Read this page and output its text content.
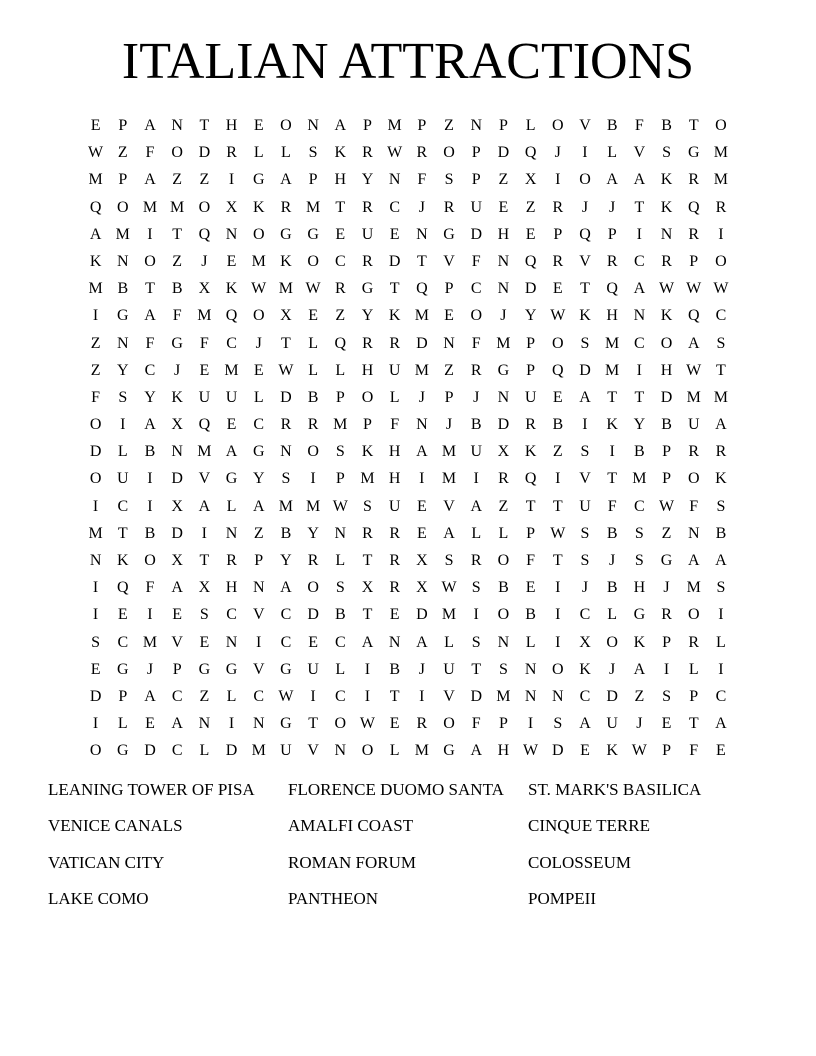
ITALIAN ATTRACTIONS
E	P	A N	T	H	E	O N A	P M P	Z	N	P	L	O V	B	F	B	T	O
W Z	F	O D	R	L	L	S	K	R W R	O	P	D Q	J	I	L	V	S	G M
M P	A	Z	Z	I	G A	P	H Y N	F	S	P	Z	X	I	O A A K	R M
Q O M M O X K	R M T	R	C	J	R	U	E	Z	R	J	J	T	K Q	R
A M	I	T	Q N O G G	E	U	E	N G D H	E	P	Q	P	I	N	R	I
K N O	Z	J	E M K O	C	R	D	T	V	F	N Q	R	V	R	C	R	P	O
M B	T	B	X K W M W R	G	T	Q	P	C	N D	E	T	Q A W W W
I	G A	F M Q O X	E	Z	Y K M E	O	J	Y W K H N K Q	C
Z	N	F	G	F	C	J	T	L	Q	R	R	D N	F M P	O	S M C	O A	S
Z	Y	C	J	E M E W L	L	H U M Z	R	G	P	Q D M	I	H W T
F	S	Y K U U	L	D	B	P	O	L	J	P	J	N U	E	A	T	T	D M M
O	I	A X Q	E	C	R	R M P	F	N	J	B	D	R	B	I	K Y	B	U A
D	L	B	N M A G N O	S	K H A M U X K	Z	S	I	B	P	R	R
O U	I	D V G Y	S	I	P M H	I	M	I	R	Q	I	V	T M P	O K
I	C	I	X A	L	A M M W S	U	E	V A	Z	T	T	U	F	C W F	S
M T	B	D	I	N	Z	B	Y N	R	R	E	A	L	L	P W S	B	S	Z	N	B
N K O X	T	R	P	Y	R	L	T	R	X	S	R	O	F	T	S	J	S	G A A
I	Q	F	A X H N A O	S	X	R	X W S	B	E	I	J	B	H	J	M S
I	E	I	E	S	C	V	C	D	B	T	E	D M	I	O	B	I	C	L	G	R	O	I
S	C M V	E	N	I	C	E	C	A N A	L	S	N	L	I	X O K	P	R	L
E	G	J	P	G G V G U	L	I	B	J	U	T	S	N O K	J	A	I	L	I
D	P	A	C	Z	L	C W	I	C	I	T	I	V D M N N	C	D	Z	S	P	C
I	L	E	A N	I	N G	T	O W E	R	O	F	P	I	S	A U	J	E	T	A
O G D	C	L	D M U V N O	L M G A H W D	E	K W P	F	E
LEANING TOWER OF PISA	FLORENCE DUOMO SANTA	ST. MARK'S BASILICA
VENICE CANALS	AMALFI COAST	CINQUE TERRE
VATICAN CITY	ROMAN FORUM	COLOSSEUM
LAKE COMO	PANTHEON	POMPEII
